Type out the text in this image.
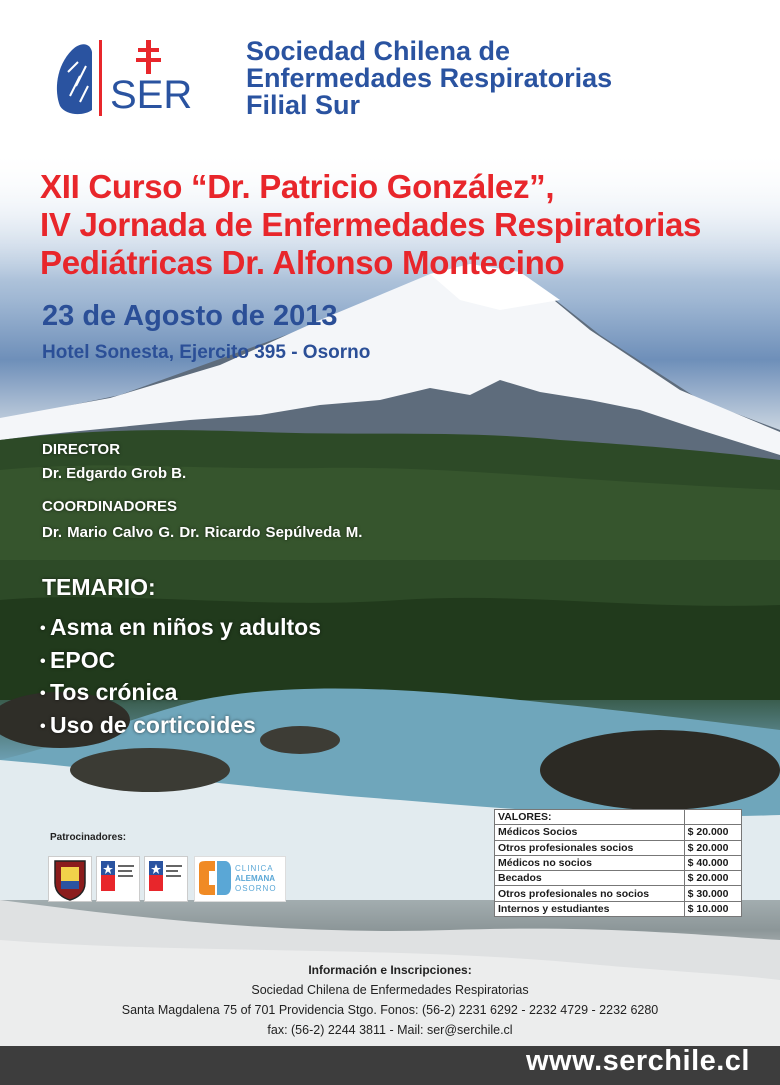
SER
Sociedad Chilena de
Enfermedades Respiratorias
Filial Sur
XII Curso “Dr. Patricio González”,
IV Jornada de Enfermedades Respiratorias
Pediátricas Dr. Alfonso Montecino
23 de Agosto de 2013
Hotel Sonesta, Ejercito 395 - Osorno
DIRECTOR
Dr. Edgardo Grob B.
COORDINADORES
Dr. Mario Calvo G. Dr. Ricardo Sepúlveda M.
TEMARIO:
• Asma en niños y adultos
• EPOC
• Tos crónica
• Uso de corticoides
VALORES:	
Médicos Socios	$ 20.000
Otros profesionales socios	$ 20.000
Médicos no socios	$ 40.000
Becados	$ 20.000
Otros profesionales no socios	$ 30.000
Internos y estudiantes	$ 10.000
Patrocinadores:
CLINICA
ALEMANA
OSORNO
Información e Inscripciones:
Sociedad Chilena de Enfermedades Respiratorias
Santa Magdalena 75 of 701 Providencia Stgo. Fonos: (56-2) 2231 6292 - 2232 4729 - 2232 6280
fax: (56-2) 2244 3811 - Mail: ser@serchile.cl
www.serchile.cl
